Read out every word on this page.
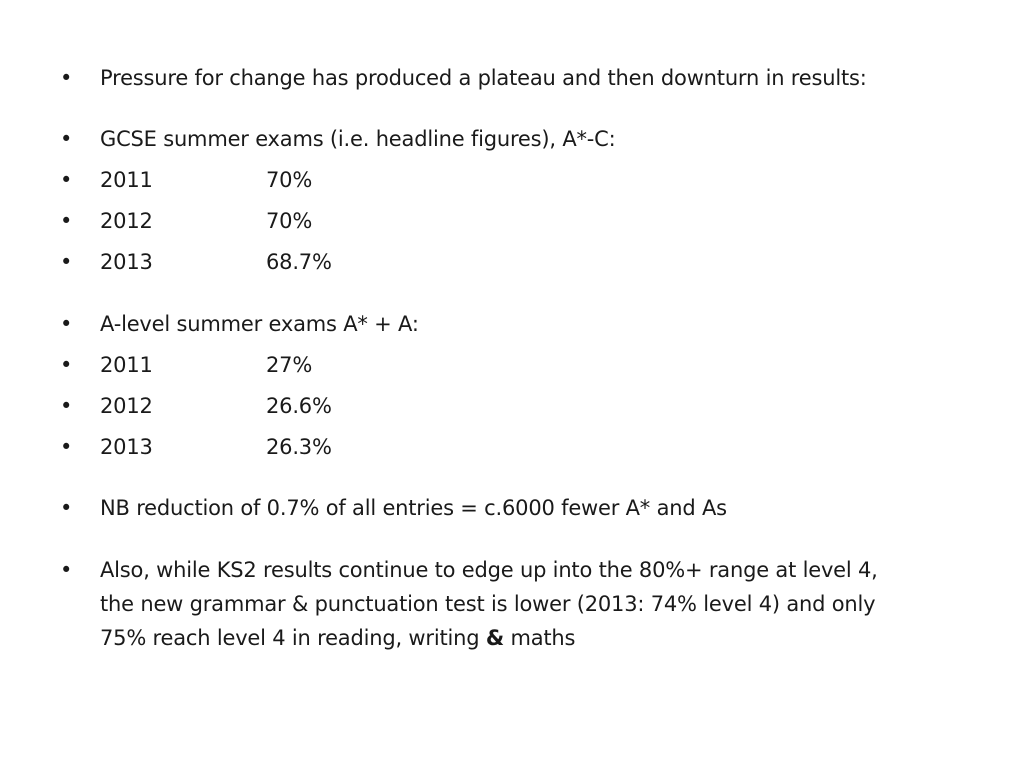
• Pressure for change has produced a plateau and then downturn in results:
• GCSE summer exams (i.e. headline figures), A*-C:
• 2011	70%
• 2012	70%
• 2013	68.7%
• A-level summer exams A* + A:
• 2011	27%
• 2012	26.6%
• 2013	26.3%
• NB reduction of 0.7% of all entries = c.6000 fewer A* and As
• Also, while KS2 results continue to edge up into the 80%+ range at level 4,
the new grammar & punctuation test is lower (2013: 74% level 4) and only
75% reach level 4 in reading, writing & maths
